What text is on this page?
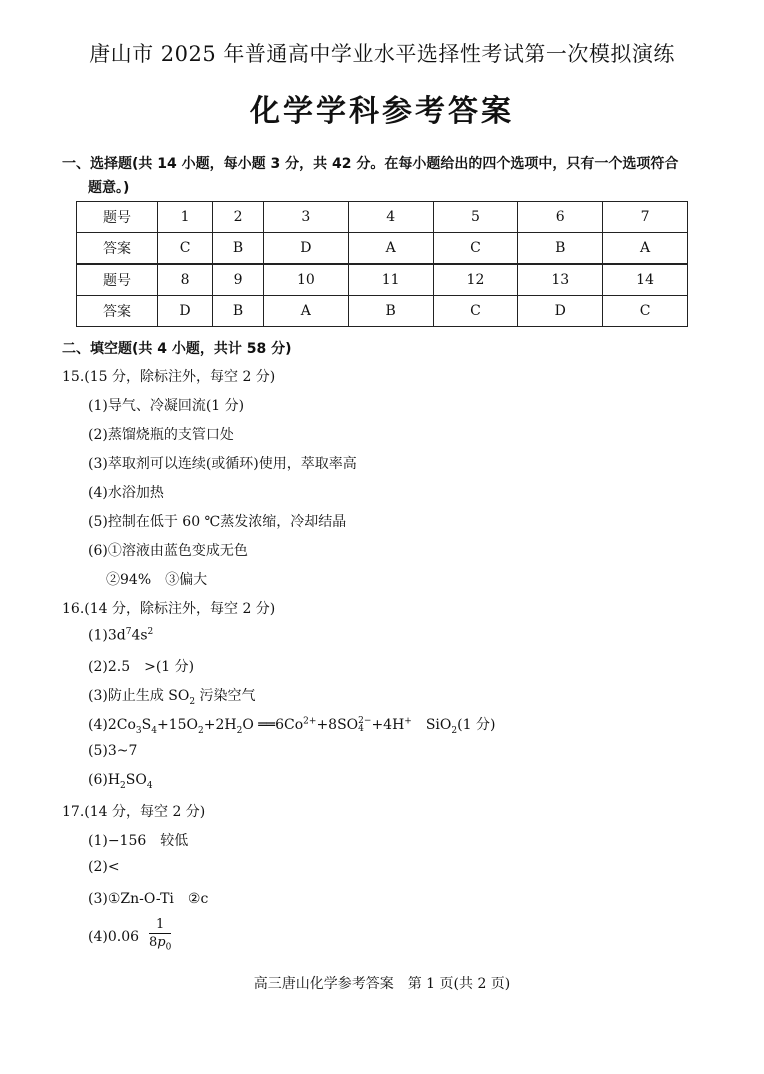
唐山市 2025 年普通高中学业水平选择性考试第一次模拟演练
化学学科参考答案
一、选择题(共 14 小题，每小题 3 分，共 42 分。在每小题给出的四个选项中，只有一个选项符合
题意。)
题号	1	2	3	4	5	6	7
答案	C	B	D	A	C	B	A
题号	8	9	10	11	12	13	14
答案	D	B	A	B	C	D	C
二、填空题(共 4 小题，共计 58 分)
15.(15 分，除标注外，每空 2 分)
(1)导气、冷凝回流(1 分)
(2)蒸馏烧瓶的支管口处
(3)萃取剂可以连续(或循环)使用，萃取率高
(4)水浴加热
(5)控制在低于 60 ℃蒸发浓缩，冷却结晶
(6)①溶液由蓝色变成无色
②94%　③偏大
16.(14 分，除标注外，每空 2 分)
$(1)3d^74s^2$
(2)2.5　>(1 分)
(3)防止生成 $SO_2$ 污染空气
$(4)2Co_3S_4+15O_2+2H_2O$ $══6Co^{2+}+8SO$ 2−
4 +4H+　SiO$_2$(1 分)
(5)3~7
$(6)H_2SO_4$
17.(14 分，每空 2 分)
(1)−156　较低
(2)<
(3)①Zn-O-Ti　②c
$(4)0.06 \frac{1}{8p_0}$
高三唐山化学参考答案　第 1 页(共 2 页)
